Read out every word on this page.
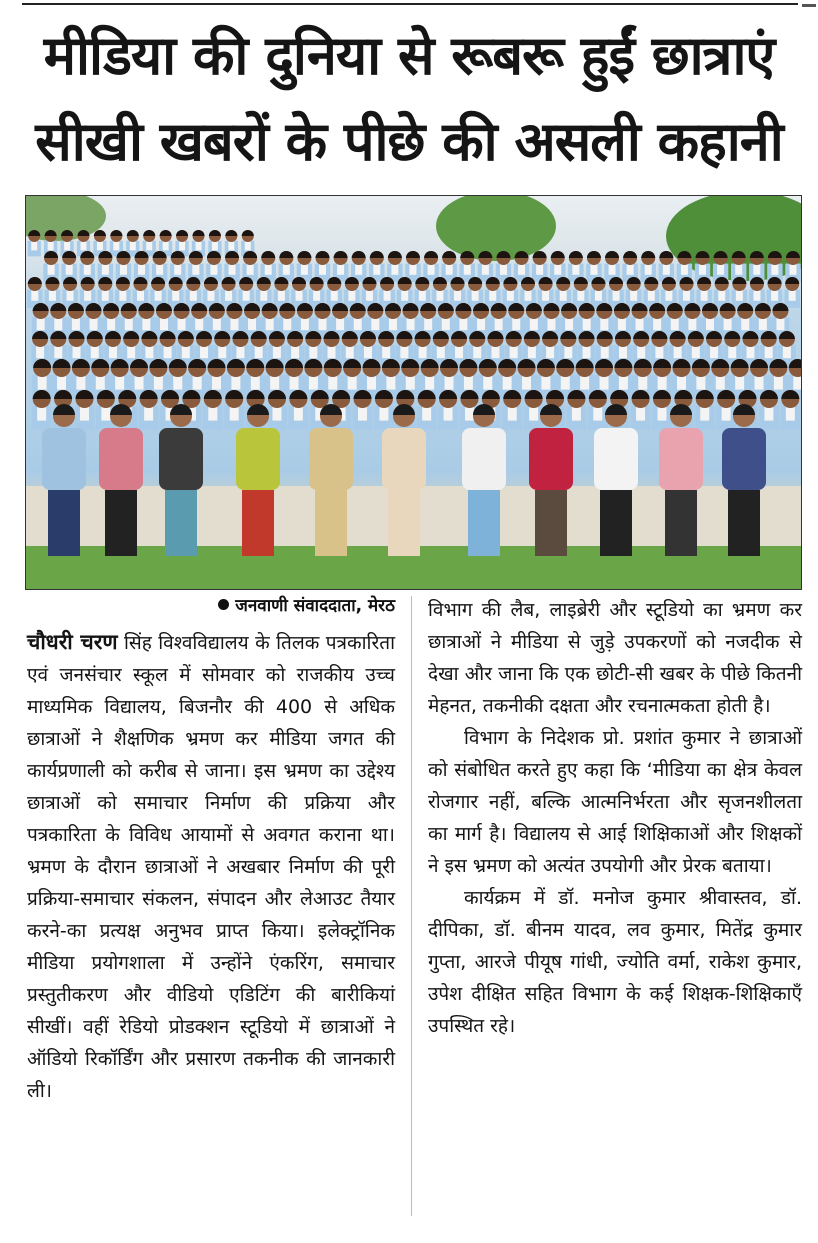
मीडिया की दुनिया से रूबरू हुईं छात्राएं
सीखी खबरों के पीछे की असली कहानी
जनवाणी संवाददाता, मेरठ

चौधरी चरण सिंह विश्वविद्यालय के तिलक पत्रकारिता एवं जनसंचार स्कूल में सोमवार को राजकीय उच्च माध्यमिक विद्यालय, बिजनौर की 400 से अधिक छात्राओं ने शैक्षणिक भ्रमण कर मीडिया जगत की कार्यप्रणाली को करीब से जाना। इस भ्रमण का उद्देश्य छात्राओं को समाचार निर्माण की प्रक्रिया और पत्रकारिता के विविध आयामों से अवगत कराना था। भ्रमण के दौरान छात्राओं ने अखबार निर्माण की पूरी प्रक्रिया-समाचार संकलन, संपादन और लेआउट तैयार करने-का प्रत्यक्ष अनुभव प्राप्त किया। इलेक्ट्रॉनिक मीडिया प्रयोगशाला में उन्होंने एंकरिंग, समाचार प्रस्तुतीकरण और वीडियो एडिटिंग की बारीकियां सीखीं। वहीं रेडियो प्रोडक्शन स्टूडियो में छात्राओं ने ऑडियो रिकॉर्डिंग और प्रसारण तकनीक की जानकारी ली।

विभाग की लैब, लाइब्रेरी और स्टूडियो का भ्रमण कर छात्राओं ने मीडिया से जुड़े उपकरणों को नजदीक से देखा और जाना कि एक छोटी-सी खबर के पीछे कितनी मेहनत, तकनीकी दक्षता और रचनात्मकता होती है।

विभाग के निदेशक प्रो. प्रशांत कुमार ने छात्राओं को संबोधित करते हुए कहा कि ‘मीडिया का क्षेत्र केवल रोजगार नहीं, बल्कि आत्मनिर्भरता और सृजनशीलता का मार्ग है। विद्यालय से आई शिक्षिकाओं और शिक्षकों ने इस भ्रमण को अत्यंत उपयोगी और प्रेरक बताया।

कार्यक्रम में डॉ. मनोज कुमार श्रीवास्तव, डॉ. दीपिका, डॉ. बीनम यादव, लव कुमार, मितेंद्र कुमार गुप्ता, आरजे पीयूष गांधी, ज्योति वर्मा, राकेश कुमार, उपेश दीक्षित सहित विभाग के कई शिक्षक-शिक्षिकाएँ उपस्थित रहे।
